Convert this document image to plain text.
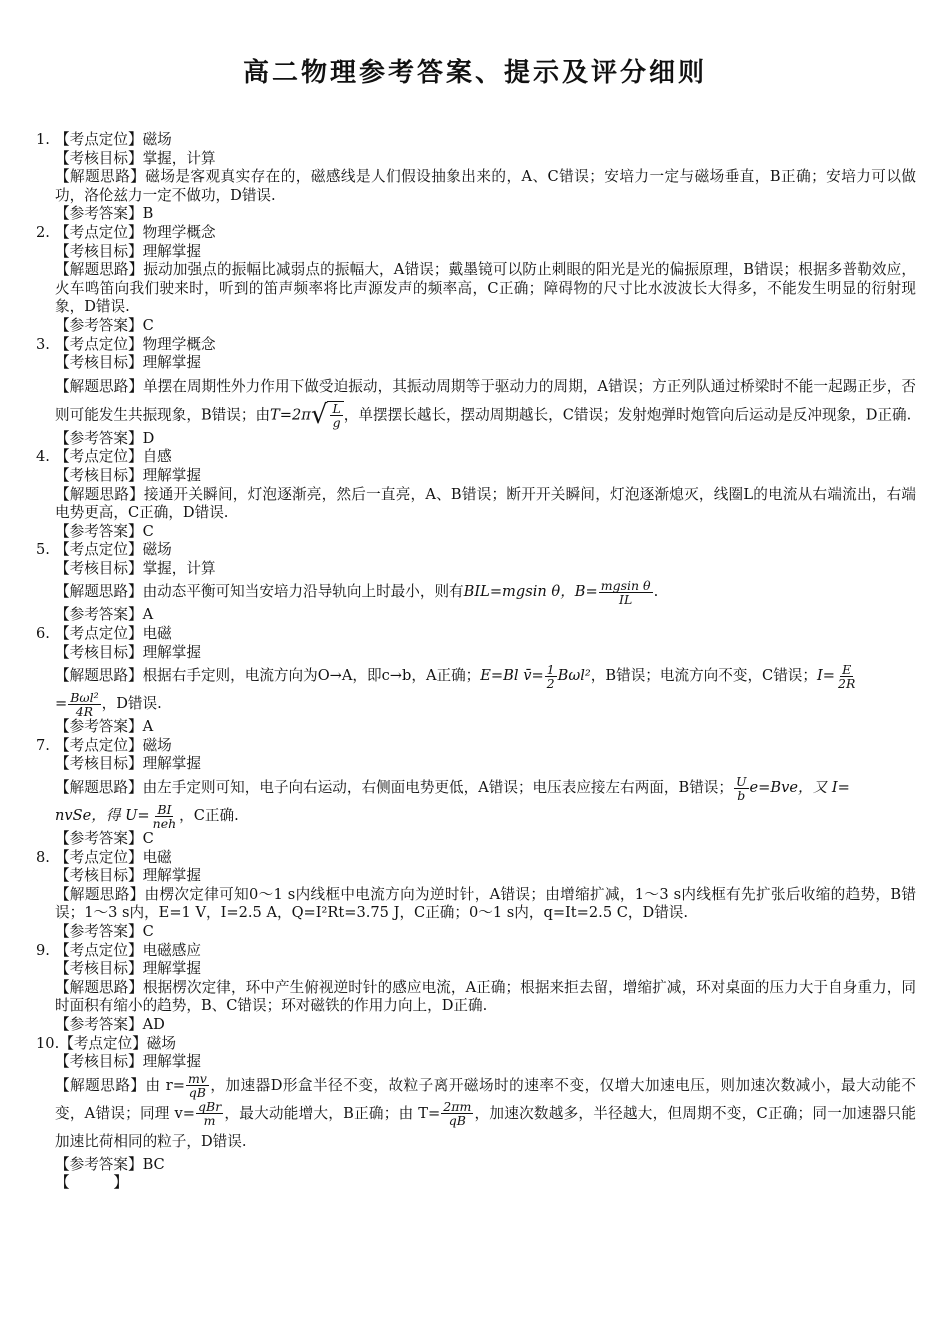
高二物理参考答案、提示及评分细则
1. 【考点定位】磁场
【考核目标】掌握，计算
【解题思路】磁场是客观真实存在的，磁感线是人们假设抽象出来的，A、C错误；安培力一定与磁场垂直，B正确；安培力可以做功，洛伦兹力一定不做功，D错误.
【参考答案】B
2. 【考点定位】物理学概念
【考核目标】理解掌握
【解题思路】振动加强点的振幅比减弱点的振幅大，A错误；戴墨镜可以防止刺眼的阳光是光的偏振原理，B错误；根据多普勒效应，火车鸣笛向我们驶来时，听到的笛声频率将比声源发声的频率高，C正确；障碍物的尺寸比水波波长大得多，不能发生明显的衍射现象，D错误.
【参考答案】C
3. 【考点定位】物理学概念
【考核目标】理解掌握
【解题思路】单摆在周期性外力作用下做受迫振动，其振动周期等于驱动力的周期，A错误；方正列队通过桥梁时不能一起踢正步，否则可能发生共振现象，B错误；由T=2π √ $\frac{L}{g}$ ，单摆摆长越长，摆动周期越长，C错误；发射炮弹时炮管向后运动是反冲现象，D正确.
【参考答案】D
4. 【考点定位】自感
【考核目标】理解掌握
【解题思路】接通开关瞬间，灯泡逐渐亮，然后一直亮，A、B错误；断开开关瞬间，灯泡逐渐熄灭，线圈L的电流从右端流出，右端电势更高，C正确，D错误.
【参考答案】C
5. 【考点定位】磁场
【考核目标】掌握，计算
【解题思路】由动态平衡可知当安培力沿导轨向上时最小，则有BIL=mgsin θ，$B= \frac{\text{mgsin θ}}{IL}$ .
【参考答案】A
6. 【考点定位】电磁
【考核目标】理解掌握
【解题思路】根据右手定则，电流方向为O→A，即c→b，A正确；E=Bl v̄= $\frac{1}{2} B\omega l^2$，B错误；电流方向不变，C错误；$I= \frac{E}{2R}$

= $\frac{\text{Bωl²}}{4R}$ ，D错误.
【参考答案】A
7. 【考点定位】磁场
【考核目标】理解掌握
【解题思路】由左手定则可知，电子向右运动，右侧面电势更低，A错误；电压表应接左右两面，B错误； $\frac{U}{b} e=Bve$，又 I=
nvSe，得 $U= \frac{BI}{\text{neh}}$ ，C正确.
【参考答案】C
8. 【考点定位】电磁
【考核目标】理解掌握
【解题思路】由楞次定律可知0～1 s内线框中电流方向为逆时针，A错误；由增缩扩减，1～3 s内线框有先扩张后收缩的趋势，B错误；1～3 s内，E=1 V，I=2.5 A，Q=I²Rt=3.75 J，C正确；0～1 s内，q=It=2.5 C，D错误.
【参考答案】C
9. 【考点定位】电磁感应
【考核目标】理解掌握
【解题思路】根据楞次定律，环中产生俯视逆时针的感应电流，A正确；根据来拒去留，增缩扩减，环对桌面的压力大于自身重力，同时面积有缩小的趋势，B、C错误；环对磁铁的作用力向上，D正确.
【参考答案】AD
10. 【考点定位】磁场
【考核目标】理解掌握
【解题思路】由 $r= \frac{mv}{qB}$ ，加速器D形盒半径不变，故粒子离开磁场时的速率不变，仅增大加速电压，则加速次数减小，最大动能不变，A错误；同理 $v= \frac{\text{qBr}}{m}$ ，最大动能增大，B正确；由 $T= \frac{2\pi m}{qB}$ ，加速次数越多，半径越大，但周期不变，C正确；同一加速器只能加速比荷相同的粒子，D错误.
【参考答案】BC
【　　　】
